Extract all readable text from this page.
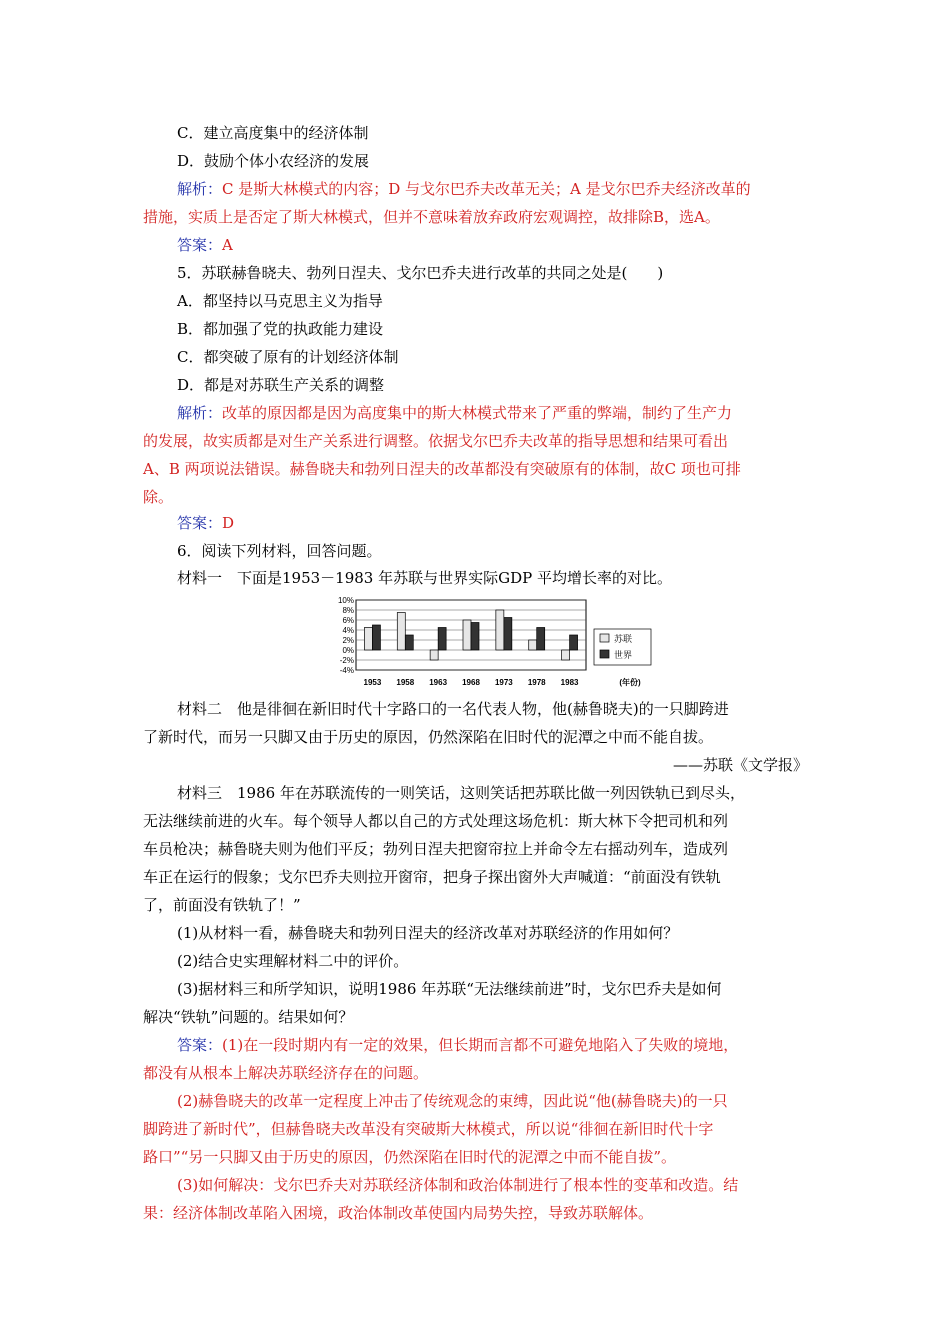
C．建立高度集中的经济体制
D．鼓励个体小农经济的发展
解析：C 是斯大林模式的内容；D 与戈尔巴乔夫改革无关；A 是戈尔巴乔夫经济改革的
措施，实质上是否定了斯大林模式，但并不意味着放弃政府宏观调控，故排除B，选A。
答案：A
5．苏联赫鲁晓夫、勃列日涅夫、戈尔巴乔夫进行改革的共同之处是(　　)
A．都坚持以马克思主义为指导
B．都加强了党的执政能力建设
C．都突破了原有的计划经济体制
D．都是对苏联生产关系的调整
解析：改革的原因都是因为高度集中的斯大林模式带来了严重的弊端，制约了生产力
的发展，故实质都是对生产关系进行调整。依据戈尔巴乔夫改革的指导思想和结果可看出
A、B 两项说法错误。赫鲁晓夫和勃列日涅夫的改革都没有突破原有的体制，故C 项也可排
除。
答案：D
6．阅读下列材料，回答问题。
材料一　下面是1953－1983 年苏联与世界实际GDP 平均增长率的对比。
10%
8%
6%
4%
2%
0%
-2%
-4%
1953 1958 1963 1968 1973 1978 1983	(年份)
苏联
世界
材料二　他是徘徊在新旧时代十字路口的一名代表人物，他(赫鲁晓夫)的一只脚跨进
了新时代，而另一只脚又由于历史的原因，仍然深陷在旧时代的泥潭之中而不能自拔。
——苏联《文学报》
材料三　1986 年在苏联流传的一则笑话，这则笑话把苏联比做一列因铁轨已到尽头，
无法继续前进的火车。每个领导人都以自己的方式处理这场危机：斯大林下令把司机和列
车员枪决；赫鲁晓夫则为他们平反；勃列日涅夫把窗帘拉上并命令左右摇动列车，造成列
车正在运行的假象；戈尔巴乔夫则拉开窗帘，把身子探出窗外大声喊道：“前面没有铁轨
了，前面没有铁轨了！”
(1)从材料一看，赫鲁晓夫和勃列日涅夫的经济改革对苏联经济的作用如何？
(2)结合史实理解材料二中的评价。
(3)据材料三和所学知识，说明1986 年苏联“无法继续前进”时，戈尔巴乔夫是如何
解决“铁轨”问题的。结果如何？
答案：(1)在一段时期内有一定的效果，但长期而言都不可避免地陷入了失败的境地，
都没有从根本上解决苏联经济存在的问题。
(2)赫鲁晓夫的改革一定程度上冲击了传统观念的束缚，因此说“他(赫鲁晓夫)的一只
脚跨进了新时代”，但赫鲁晓夫改革没有突破斯大林模式，所以说“徘徊在新旧时代十字
路口”“另一只脚又由于历史的原因，仍然深陷在旧时代的泥潭之中而不能自拔”。
(3)如何解决：戈尔巴乔夫对苏联经济体制和政治体制进行了根本性的变革和改造。结
果：经济体制改革陷入困境，政治体制改革使国内局势失控，导致苏联解体。
